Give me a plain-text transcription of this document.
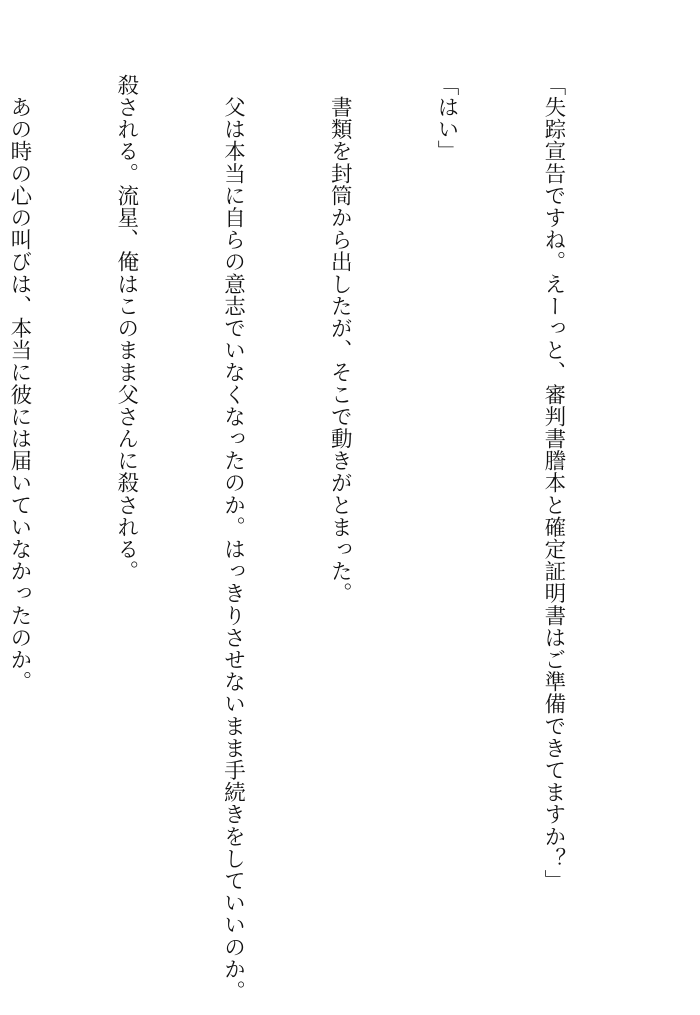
「失踪宣告ですね。えーっと、審判書謄本と確定証明書はご準備できてますか？」

「はい」

　書類を封筒から出したが、そこで動きがとまった。

　父は本当に自らの意志でいなくなったのか。はっきりさせないまま手続きをしていいのか。

殺される。流星、俺はこのまま父さんに殺される。

　あの時の心の叫びは、本当に彼には届いていなかったのか。
